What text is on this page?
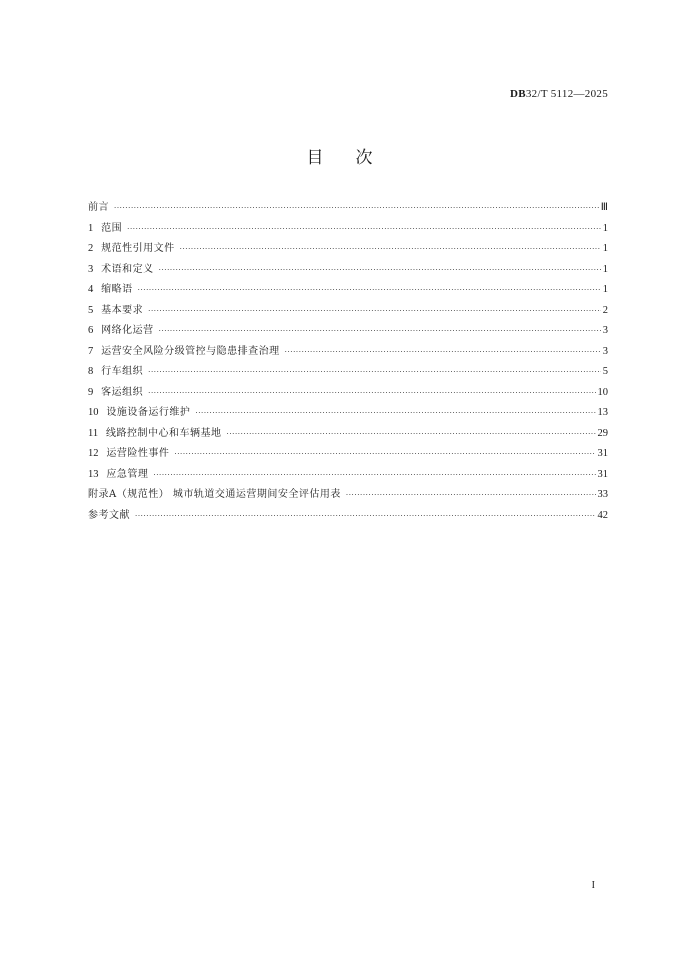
DB32/T 5112—2025
目 次
前言 ·····	Ⅲ
1 范围 ·····	1
2 规范性引用文件 ·····	1
3 术语和定义 ·····	1
4 缩略语 ·····	1
5 基本要求 ·····	2
6 网络化运营 ·····	3
7 运营安全风险分级管控与隐患排查治理 ·····	3
8 行车组织 ·····	5
9 客运组织 ·····	10
10 设施设备运行维护 ·····	13
11 线路控制中心和车辆基地 ·····	29
12 运营险性事件 ·····	31
13 应急管理 ·····	31
附录A（规范性） 城市轨道交通运营期间安全评估用表 ·····	33
参考文献 ·····	42
I
